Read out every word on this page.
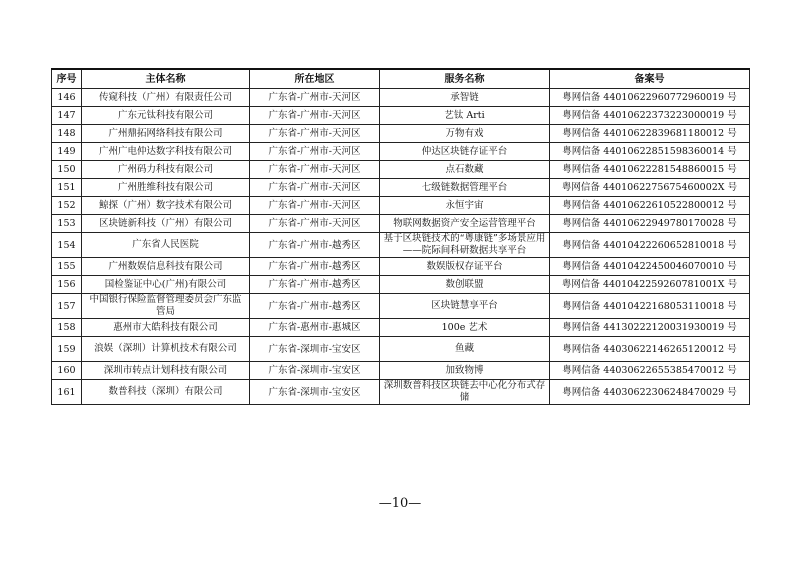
序号	主体名称	所在地区	服务名称	备案号
146	传窥科技（广州）有限责任公司	广东省-广州市-天河区	承智链	粤网信备 44010622960772960019 号
147	广东元钛科技有限公司	广东省-广州市-天河区	艺钛 Arti	粤网信备 44010622373223000019 号
148	广州鼎拓网络科技有限公司	广东省-广州市-天河区	万物有戏	粤网信备 44010622839681180012 号
149	广州广电仲达数字科技有限公司	广东省-广州市-天河区	仲达区块链存证平台	粤网信备 44010622851598360014 号
150	广州码力科技有限公司	广东省-广州市-天河区	点石数藏	粤网信备 44010622281548860015 号
151	广州胜维科技有限公司	广东省-广州市-天河区	七级链数据管理平台	粤网信备 4401062275675460002X 号
152	鲸探（广州）数字技术有限公司	广东省-广州市-天河区	永恒宇宙	粤网信备 44010622610522800012 号
153	区块链新科技（广州）有限公司	广东省-广州市-天河区	物联网数据资产安全运营管理平台	粤网信备 44010622949780170028 号
154	广东省人民医院	广东省-广州市-越秀区	基于区块链技术的“粤康链”多场景应用——院际间科研数据共享平台	粤网信备 44010422260652810018 号
155	广州数娱信息科技有限公司	广东省-广州市-越秀区	数娱版权存证平台	粤网信备 44010422450046070010 号
156	国检鉴证中心(广州)有限公司	广东省-广州市-越秀区	数创联盟	粤网信备 4401042259260781001X 号
157	中国银行保险监督管理委员会广东监管局	广东省-广州市-越秀区	区块链慧享平台	粤网信备 44010422168053110018 号
158	惠州市大皓科技有限公司	广东省-惠州市-惠城区	100e 艺术	粤网信备 44130222120031930019 号
159	浪娱（深圳）计算机技术有限公司	广东省-深圳市-宝安区	鱼藏	粤网信备 44030622146265120012 号
160	深圳市转点计划科技有限公司	广东省-深圳市-宝安区	加致物博	粤网信备 44030622655385470012 号
161	数普科技（深圳）有限公司	广东省-深圳市-宝安区	深圳数普科技区块链去中心化分布式存储	粤网信备 44030622306248470029 号
—10—
